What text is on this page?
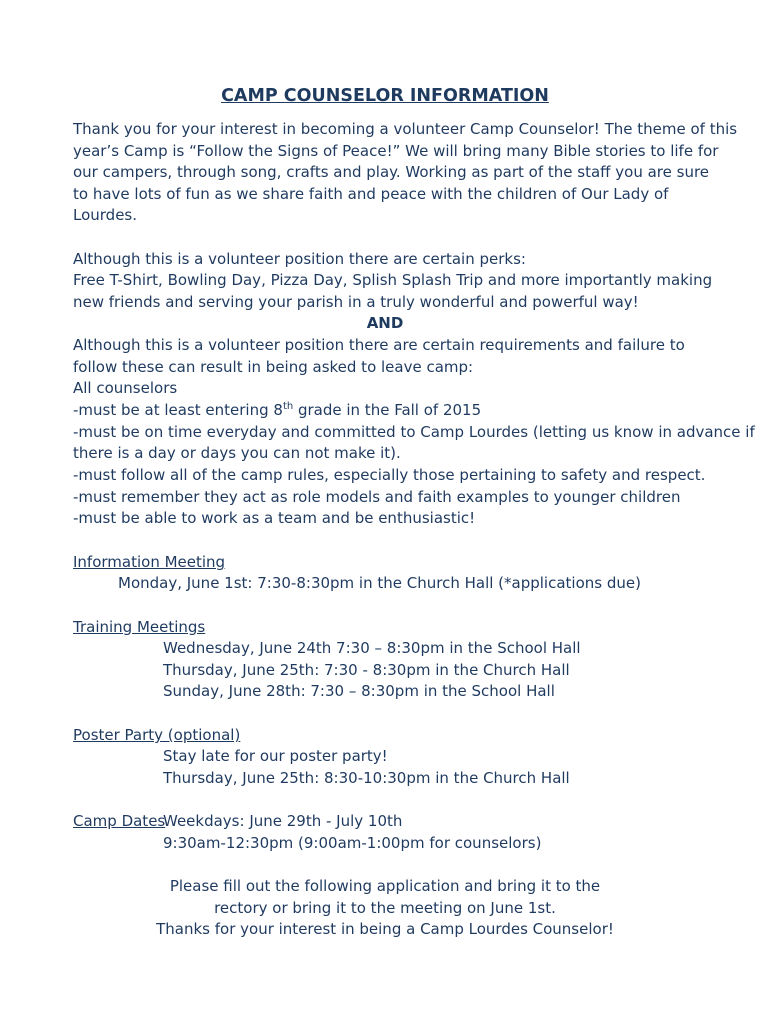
CAMP COUNSELOR INFORMATION
Thank you for your interest in becoming a volunteer Camp Counselor! The theme of this
year’s Camp is “Follow the Signs of Peace!” We will bring many Bible stories to life for
our campers, through song, crafts and play. Working as part of the staff you are sure
to have lots of fun as we share faith and peace with the children of Our Lady of
Lourdes.
Although this is a volunteer position there are certain perks:
Free T-Shirt, Bowling Day, Pizza Day, Splish Splash Trip and more importantly making
new friends and serving your parish in a truly wonderful and powerful way!
AND
Although this is a volunteer position there are certain requirements and failure to
follow these can result in being asked to leave camp:
All counselors
-must be at least entering 8th grade in the Fall of 2015
-must be on time everyday and committed to Camp Lourdes (letting us know in advance if
there is a day or days you can not make it).
-must follow all of the camp rules, especially those pertaining to safety and respect.
-must remember they act as role models and faith examples to younger children
-must be able to work as a team and be enthusiastic!
Information Meeting
Monday, June 1st: 7:30-8:30pm in the Church Hall (*applications due)
Training Meetings
Wednesday, June 24th 7:30 – 8:30pm in the School Hall
Thursday, June 25th: 7:30 - 8:30pm in the Church Hall
Sunday, June 28th: 7:30 – 8:30pm in the School Hall
Poster Party (optional)
Stay late for our poster party!
Thursday, June 25th: 8:30-10:30pm in the Church Hall
Camp Dates
Weekdays: June 29th - July 10th
9:30am-12:30pm (9:00am-1:00pm for counselors)
Please fill out the following application and bring it to the
rectory or bring it to the meeting on June 1st.
Thanks for your interest in being a Camp Lourdes Counselor!
